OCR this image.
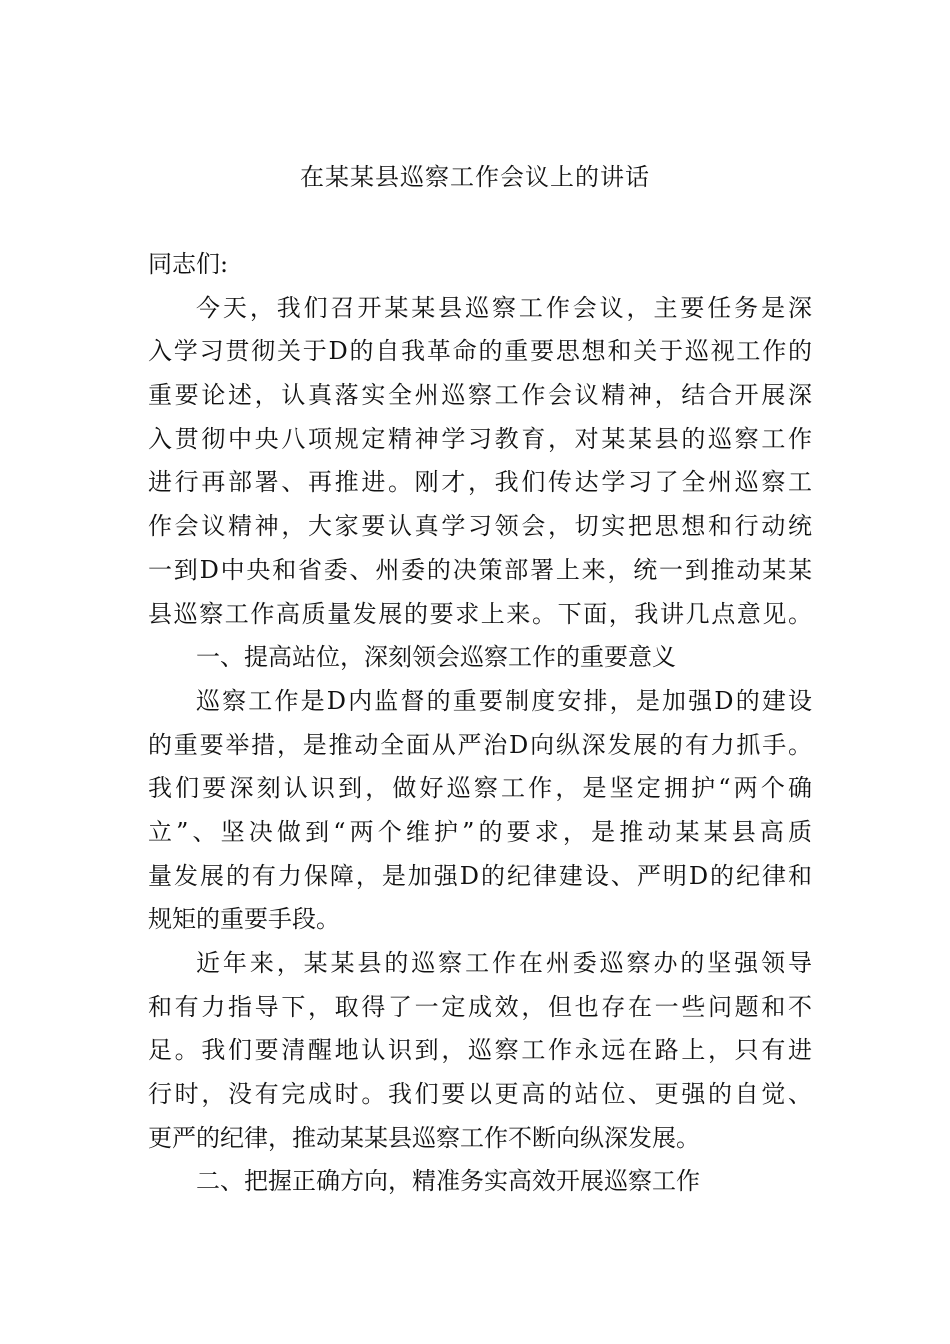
在某某县巡察工作会议上的讲话
同志们:
今天，我们召开某某县巡察工作会议，主要任务是深
入学习贯彻关于D的自我革命的重要思想和关于巡视工作的
重要论述，认真落实全州巡察工作会议精神，结合开展深
入贯彻中央八项规定精神学习教育，对某某县的巡察工作
进行再部署、再推进。刚才，我们传达学习了全州巡察工
作会议精神，大家要认真学习领会，切实把思想和行动统
一到D中央和省委、州委的决策部署上来，统一到推动某某
县巡察工作高质量发展的要求上来。下面，我讲几点意见。
一、提高站位，深刻领会巡察工作的重要意义
巡察工作是D内监督的重要制度安排，是加强D的建设
的重要举措，是推动全面从严治D向纵深发展的有力抓手。
我们要深刻认识到，做好巡察工作，是坚定拥护“两个确
立”、坚决做到“两个维护”的要求，是推动某某县高质
量发展的有力保障，是加强D的纪律建设、严明D的纪律和
规矩的重要手段。
近年来，某某县的巡察工作在州委巡察办的坚强领导
和有力指导下，取得了一定成效，但也存在一些问题和不
足。我们要清醒地认识到，巡察工作永远在路上，只有进
行时，没有完成时。我们要以更高的站位、更强的自觉、
更严的纪律，推动某某县巡察工作不断向纵深发展。
二、把握正确方向，精准务实高效开展巡察工作
